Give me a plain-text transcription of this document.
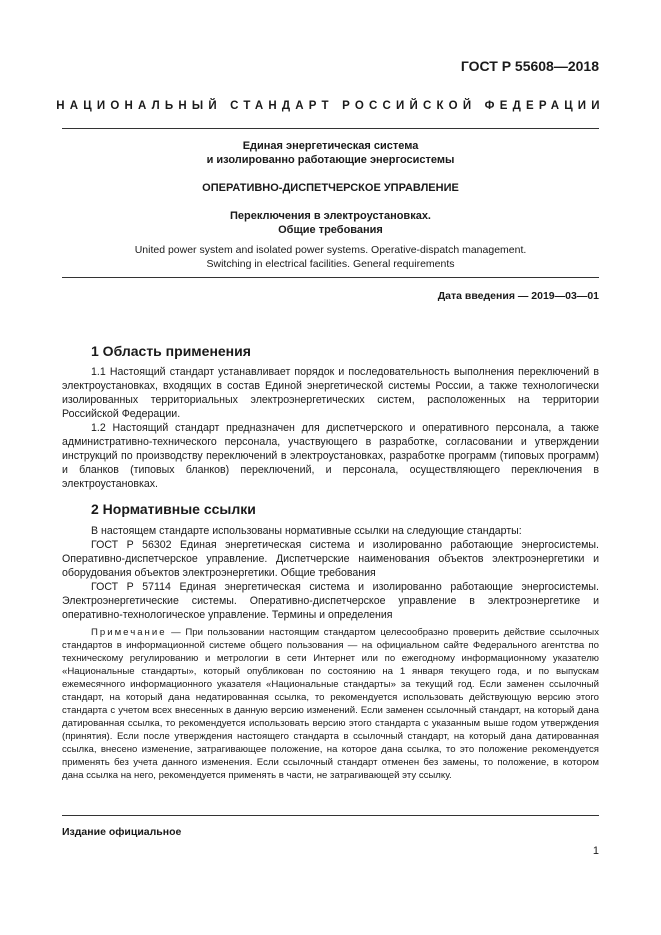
ГОСТ Р 55608—2018
НАЦИОНАЛЬНЫЙ СТАНДАРТ РОССИЙСКОЙ ФЕДЕРАЦИИ
Единая энергетическая система
и изолированно работающие энергосистемы
ОПЕРАТИВНО-ДИСПЕТЧЕРСКОЕ УПРАВЛЕНИЕ
Переключения в электроустановках.
Общие требования
United power system and isolated power systems. Operative-dispatch management.
Switching in electrical facilities. General requirements
Дата введения — 2019—03—01
1 Область применения
1.1 Настоящий стандарт устанавливает порядок и последовательность выполнения переключений в электроустановках, входящих в состав Единой энергетической системы России, а также технологически изолированных территориальных электроэнергетических систем, расположенных на территории Российской Федерации.
1.2 Настоящий стандарт предназначен для диспетчерского и оперативного персонала, а также административно-технического персонала, участвующего в разработке, согласовании и утверждении инструкций по производству переключений в электроустановках, разработке программ (типовых программ) и бланков (типовых бланков) переключений, и персонала, осуществляющего переключения в электроустановках.
2 Нормативные ссылки
В настоящем стандарте использованы нормативные ссылки на следующие стандарты:
ГОСТ Р 56302 Единая энергетическая система и изолированно работающие энергосистемы. Оперативно-диспетчерское управление. Диспетчерские наименования объектов электроэнергетики и оборудования объектов электроэнергетики. Общие требования
ГОСТ Р 57114 Единая энергетическая система и изолированно работающие энергосистемы. Электроэнергетические системы. Оперативно-диспетчерское управление в электроэнергетике и оперативно-технологическое управление. Термины и определения
Примечание — При пользовании настоящим стандартом целесообразно проверить действие ссылочных стандартов в информационной системе общего пользования — на официальном сайте Федерального агентства по техническому регулированию и метрологии в сети Интернет или по ежегодному информационному указателю «Национальные стандарты», который опубликован по состоянию на 1 января текущего года, и по выпускам ежемесячного информационного указателя «Национальные стандарты» за текущий год. Если заменен ссылочный стандарт, на который дана недатированная ссылка, то рекомендуется использовать действующую версию этого стандарта с учетом всех внесенных в данную версию изменений. Если заменен ссылочный стандарт, на который дана датированная ссылка, то рекомендуется использовать версию этого стандарта с указанным выше годом утверждения (принятия). Если после утверждения настоящего стандарта в ссылочный стандарт, на который дана датированная ссылка, внесено изменение, затрагивающее положение, на которое дана ссылка, то это положение рекомендуется применять без учета данного изменения. Если ссылочный стандарт отменен без замены, то положение, в котором дана ссылка на него, рекомендуется применять в части, не затрагивающей эту ссылку.
Издание официальное
1
